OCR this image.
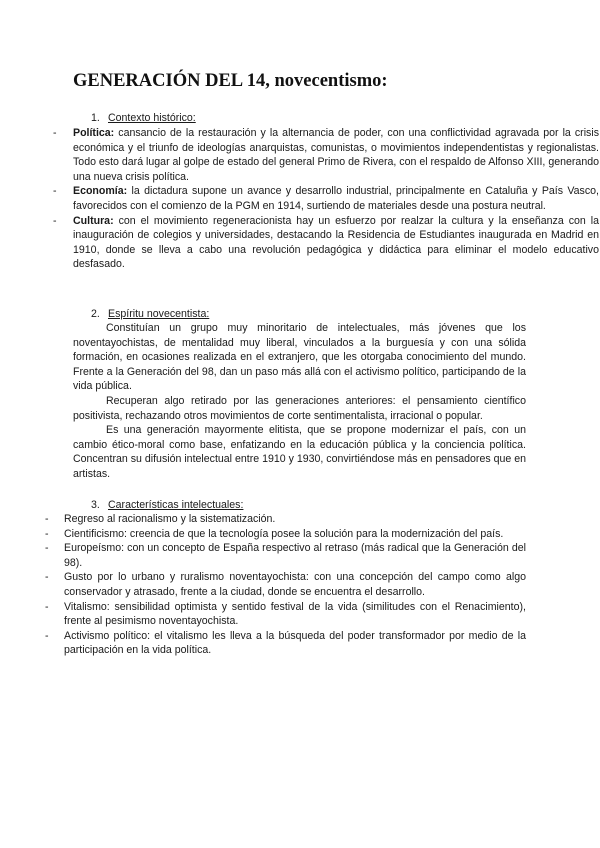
GENERACIÓN DEL 14, novecentismo:
1. Contexto histórico:
- Política: cansancio de la restauración y la alternancia de poder, con una conflictividad agravada por la crisis económica y el triunfo de ideologías anarquistas, comunistas, o movimientos independentistas y regionalistas. Todo esto dará lugar al golpe de estado del general Primo de Rivera, con el respaldo de Alfonso XIII, generando una nueva crisis política.
- Economía: la dictadura supone un avance y desarrollo industrial, principalmente en Cataluña y País Vasco, favorecidos con el comienzo de la PGM en 1914, surtiendo de materiales desde una postura neutral.
- Cultura: con el movimiento regeneracionista hay un esfuerzo por realzar la cultura y la enseñanza con la inauguración de colegios y universidades, destacando la Residencia de Estudiantes inaugurada en Madrid en 1910, donde se lleva a cabo una revolución pedagógica y didáctica para eliminar el modelo educativo desfasado.
2. Espíritu novecentista:

Constituían un grupo muy minoritario de intelectuales, más jóvenes que los noventayochistas, de mentalidad muy liberal, vinculados a la burguesía y con una sólida formación, en ocasiones realizada en el extranjero, que les otorgaba conocimiento del mundo. Frente a la Generación del 98, dan un paso más allá con el activismo político, participando de la vida pública.

Recuperan algo retirado por las generaciones anteriores: el pensamiento científico positivista, rechazando otros movimientos de corte sentimentalista, irracional o popular.

Es una generación mayormente elitista, que se propone modernizar el país, con un cambio ético-moral como base, enfatizando en la educación pública y la conciencia política. Concentran su difusión intelectual entre 1910 y 1930, convirtiéndose más en pensadores que en artistas.

3. Características intelectuales:
- Regreso al racionalismo y la sistematización.
- Cientificismo: creencia de que la tecnología posee la solución para la modernización del país.
- Europeísmo: con un concepto de España respectivo al retraso (más radical que la Generación del 98).
- Gusto por lo urbano y ruralismo noventayochista: con una concepción del campo como algo conservador y atrasado, frente a la ciudad, donde se encuentra el desarrollo.
- Vitalismo: sensibilidad optimista y sentido festival de la vida (similitudes con el Renacimiento), frente al pesimismo noventayochista.
- Activismo político: el vitalismo les lleva a la búsqueda del poder transformador por medio de la participación en la vida política.
